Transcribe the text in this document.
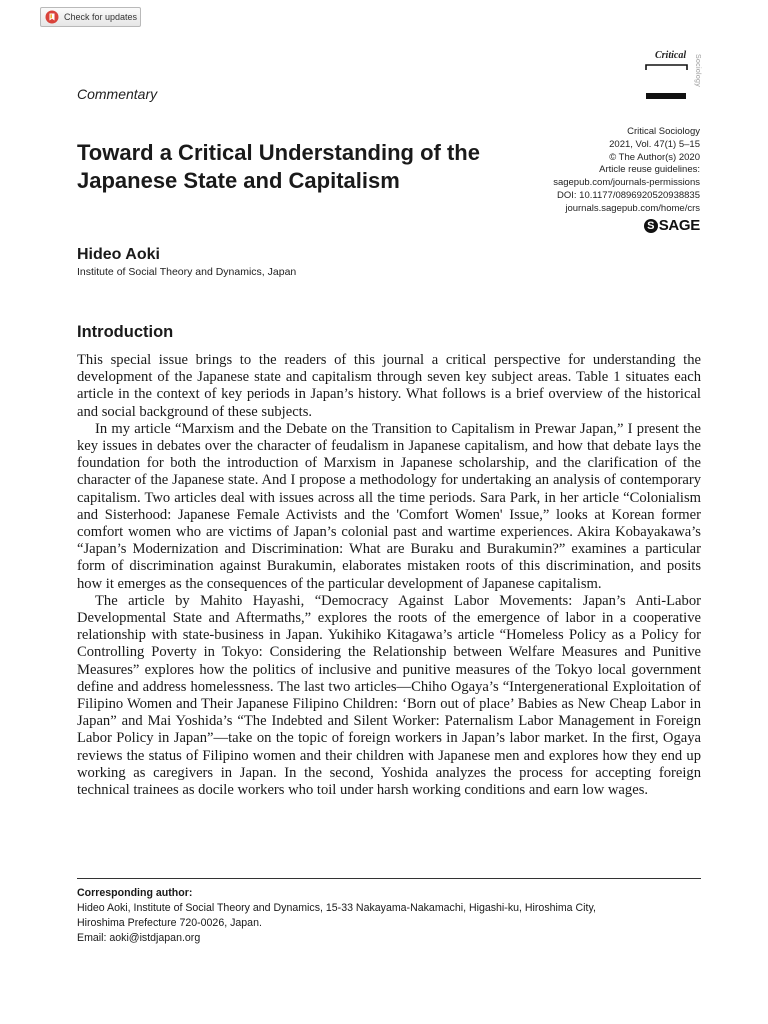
Check for updates
Critical Sociology
Commentary
Toward a Critical Understanding of the Japanese State and Capitalism
Critical Sociology
2021, Vol. 47(1) 5–15
© The Author(s) 2020
Article reuse guidelines:
sagepub.com/journals-permissions
DOI: 10.1177/0896920520938835
journals.sagepub.com/home/crs
S SAGE
Hideo Aoki
Institute of Social Theory and Dynamics, Japan
Introduction

This special issue brings to the readers of this journal a critical perspective for understanding the development of the Japanese state and capitalism through seven key subject areas. Table 1 situates each article in the context of key periods in Japan’s history. What follows is a brief overview of the historical and social background of these subjects.

In my article “Marxism and the Debate on the Transition to Capitalism in Prewar Japan,” I present the key issues in debates over the character of feudalism in Japanese capitalism, and how that debate lays the foundation for both the introduction of Marxism in Japanese scholarship, and the clarification of the character of the Japanese state. And I propose a methodology for undertaking an analysis of contemporary capitalism. Two articles deal with issues across all the time periods. Sara Park, in her article “Colonialism and Sisterhood: Japanese Female Activists and the 'Comfort Women' Issue,” looks at Korean former comfort women who are victims of Japan’s colonial past and wartime experiences. Akira Kobayakawa’s “Japan’s Modernization and Discrimination: What are Buraku and Burakumin?” examines a particular form of discrimination against Burakumin, elaborates mistaken roots of this discrimination, and posits how it emerges as the consequences of the particular development of Japanese capitalism.

The article by Mahito Hayashi, “Democracy Against Labor Movements: Japan’s Anti-Labor Developmental State and Aftermaths,” explores the roots of the emergence of labor in a cooperative relationship with state-business in Japan. Yukihiko Kitagawa’s article “Homeless Policy as a Policy for Controlling Poverty in Tokyo: Considering the Relationship between Welfare Measures and Punitive Measures” explores how the politics of inclusive and punitive measures of the Tokyo local government define and address homelessness. The last two articles—Chiho Ogaya’s “Intergenerational Exploitation of Filipino Women and Their Japanese Filipino Children: ‘Born out of place’ Babies as New Cheap Labor in Japan” and Mai Yoshida’s “The Indebted and Silent Worker: Paternalism Labor Management in Foreign Labor Policy in Japan”—take on the topic of foreign workers in Japan’s labor market. In the first, Ogaya reviews the status of Filipino women and their children with Japanese men and explores how they end up working as caregivers in Japan. In the second, Yoshida analyzes the process for accepting foreign technical trainees as docile workers who toil under harsh working conditions and earn low wages.

Corresponding author:
Hideo Aoki, Institute of Social Theory and Dynamics, 15-33 Nakayama-Nakamachi, Higashi-ku, Hiroshima City,
Hiroshima Prefecture 720-0026, Japan.
Email: aoki@istdjapan.org
